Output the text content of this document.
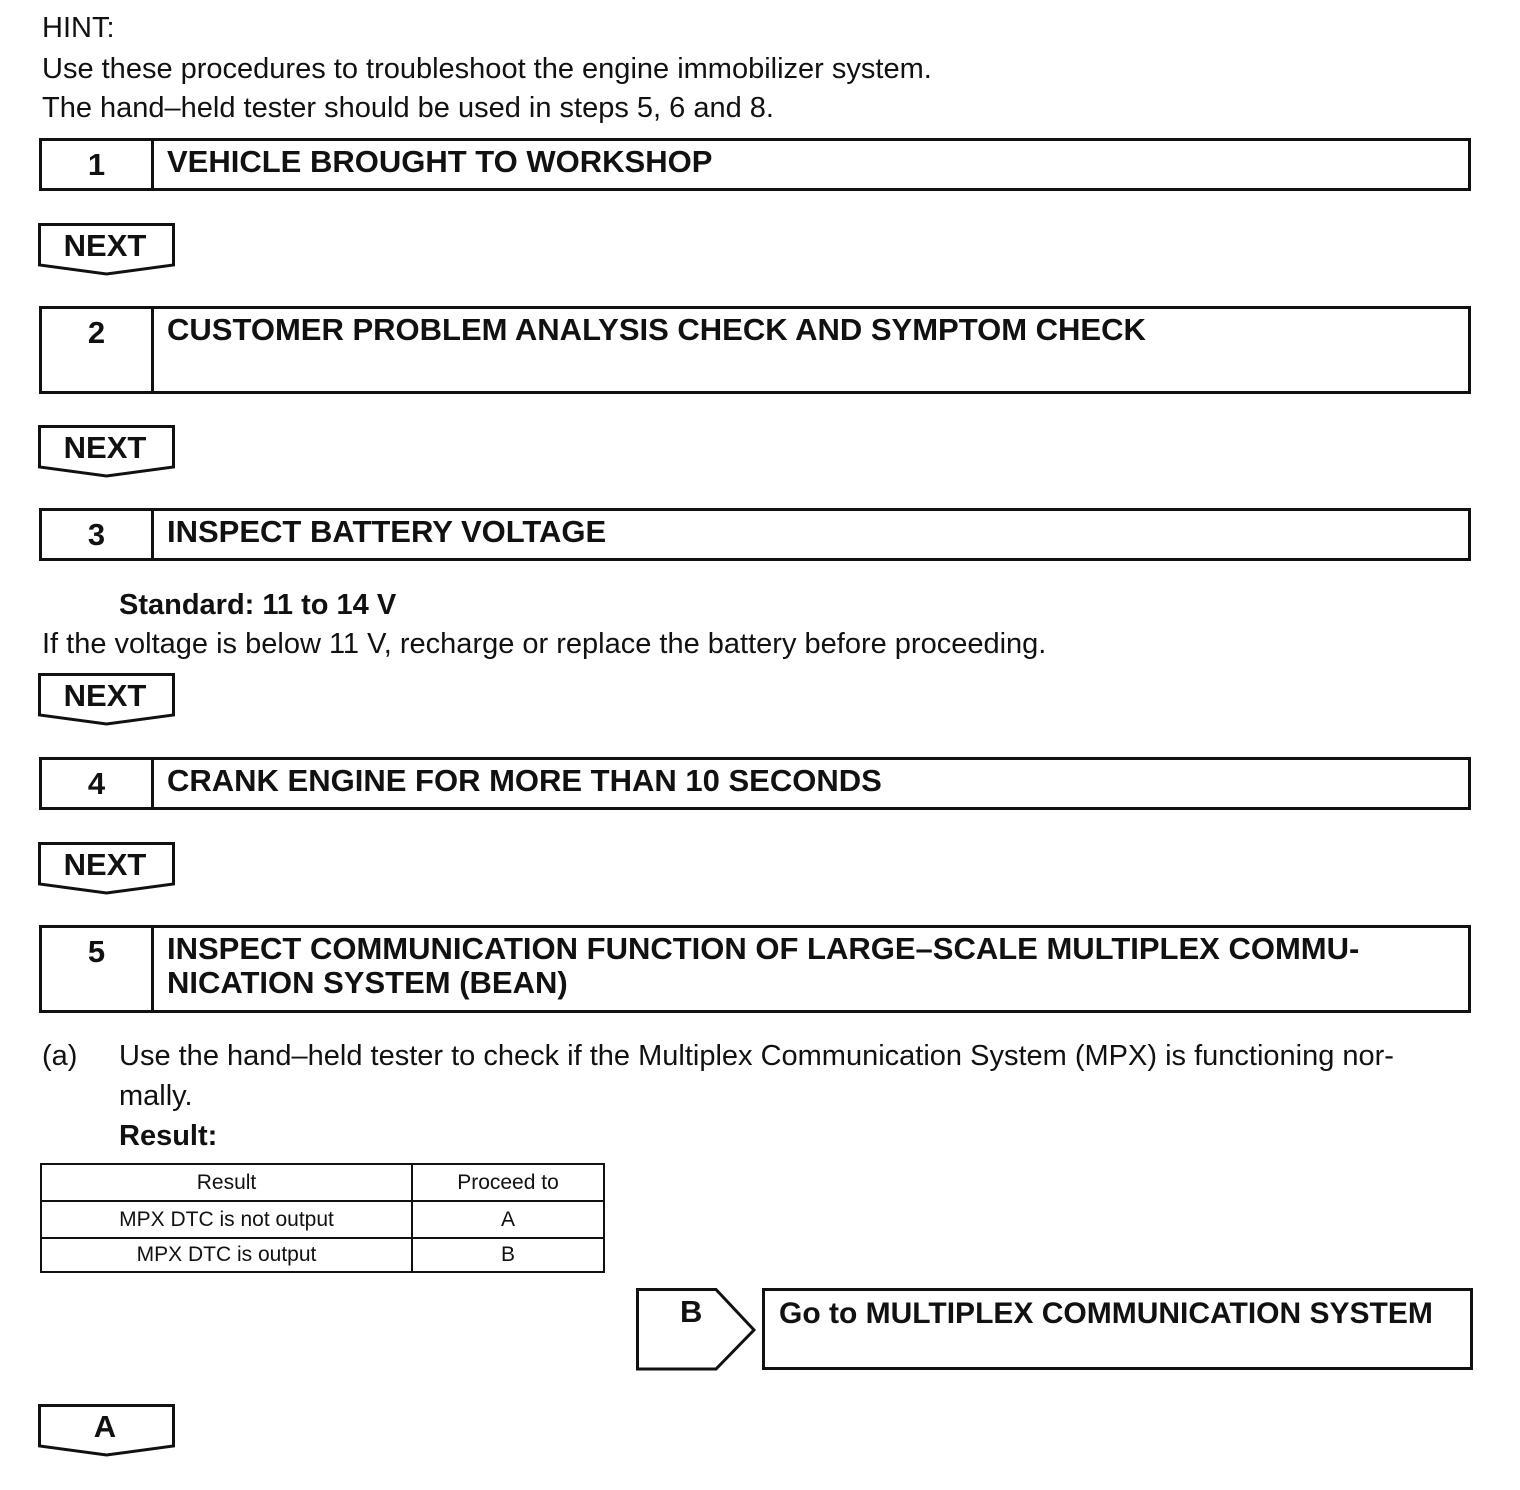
HINT:
Use these procedures to troubleshoot the engine immobilizer system.
The hand–held tester should be used in steps 5, 6 and 8.
1	VEHICLE BROUGHT TO WORKSHOP
NEXT
2	CUSTOMER PROBLEM ANALYSIS CHECK AND SYMPTOM CHECK
NEXT
3	INSPECT BATTERY VOLTAGE
Standard: 11 to 14 V
If the voltage is below 11 V, recharge or replace the battery before proceeding.
NEXT
4	CRANK ENGINE FOR MORE THAN 10 SECONDS
NEXT
5	INSPECT COMMUNICATION FUNCTION OF LARGE–SCALE MULTIPLEX COMMU-NICATION SYSTEM (BEAN)
(a) Use the hand–held tester to check if the Multiplex Communication System (MPX) is functioning nor-
mally.
Result:
Result	Proceed to
MPX DTC is not output	A
MPX DTC is output	B
B	Go to MULTIPLEX COMMUNICATION SYSTEM
A
